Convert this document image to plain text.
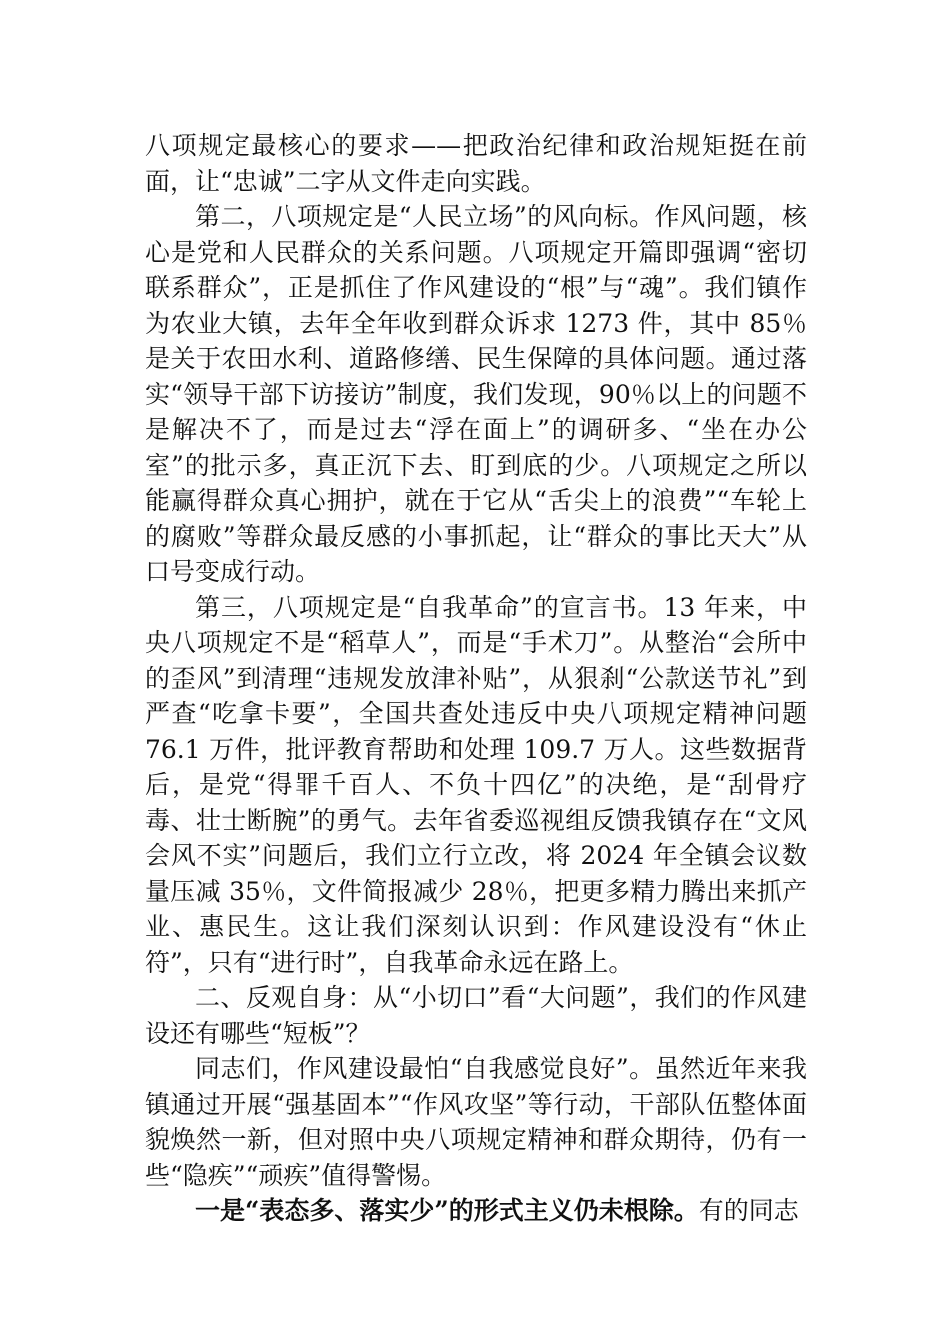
八项规定最核心的要求——把政治纪律和政治规矩挺在前面，让“忠诚”二字从文件走向实践。

第二，八项规定是“人民立场”的风向标。作风问题，核心是党和人民群众的关系问题。八项规定开篇即强调“密切联系群众”，正是抓住了作风建设的“根”与“魂”。我们镇作为农业大镇，去年全年收到群众诉求 1273 件，其中 85％是关于农田水利、道路修缮、民生保障的具体问题。通过落实“领导干部下访接访”制度，我们发现，90％以上的问题不是解决不了，而是过去“浮在面上”的调研多、“坐在办公室”的批示多，真正沉下去、盯到底的少。八项规定之所以能赢得群众真心拥护，就在于它从“舌尖上的浪费”“车轮上的腐败”等群众最反感的小事抓起，让“群众的事比天大”从口号变成行动。

第三，八项规定是“自我革命”的宣言书。13 年来，中央八项规定不是“稻草人”，而是“手术刀”。从整治“会所中的歪风”到清理“违规发放津补贴”，从狠刹“公款送节礼”到严查“吃拿卡要”，全国共查处违反中央八项规定精神问题 76.1 万件，批评教育帮助和处理 109.7 万人。这些数据背后，是党“得罪千百人、不负十四亿”的决绝，是“刮骨疗毒、壮士断腕”的勇气。去年省委巡视组反馈我镇存在“文风会风不实”问题后，我们立行立改，将 2024 年全镇会议数量压减 35％，文件简报减少 28％，把更多精力腾出来抓产业、惠民生。这让我们深刻认识到：作风建设没有“休止符”，只有“进行时”，自我革命永远在路上。

二、反观自身：从“小切口”看“大问题”，我们的作风建设还有哪些“短板”？

同志们，作风建设最怕“自我感觉良好”。虽然近年来我镇通过开展“强基固本”“作风攻坚”等行动，干部队伍整体面貌焕然一新，但对照中央八项规定精神和群众期待，仍有一些“隐疾”“顽疾”值得警惕。

一是“表态多、落实少”的形式主义仍未根除。有的同志
